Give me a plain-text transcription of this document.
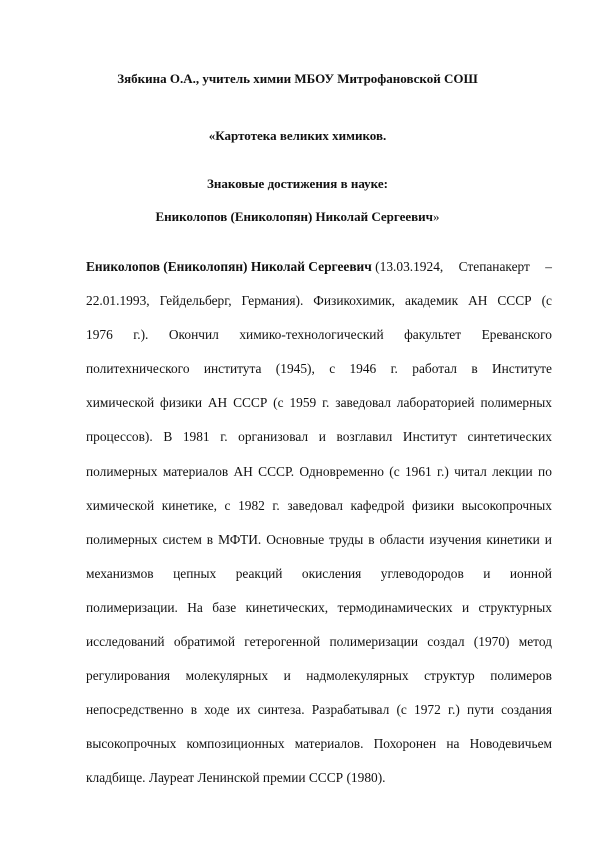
Зябкина О.А., учитель химии МБОУ Митрофановской СОШ
«Картотека великих химиков.
Знаковые достижения в науке:
Ениколопов (Ениколопян) Николай Сергеевич»
Ениколопов (Ениколопян) Николай Сергеевич (13.03.1924, Степанакерт –
22.01.1993, Гейдельберг, Германия). Физикохимик, академик АН СССР (с
1976 г.). Окончил химико-технологический факультет Ереванского
политехнического института (1945), с 1946 г. работал в Институте
химической физики АН СССР (с 1959 г. заведовал лабораторией полимерных
процессов). В 1981 г. организовал и возглавил Институт синтетических
полимерных материалов АН СССР. Одновременно (с 1961 г.) читал лекции по
химической кинетике, с 1982 г. заведовал кафедрой физики высокопрочных
полимерных систем в МФТИ. Основные труды в области изучения кинетики и
механизмов цепных реакций окисления углеводородов и ионной
полимеризации. На базе кинетических, термодинамических и структурных
исследований обратимой гетерогенной полимеризации создал (1970) метод
регулирования молекулярных и надмолекулярных структур полимеров
непосредственно в ходе их синтеза. Разрабатывал (с 1972 г.) пути создания
высокопрочных композиционных материалов. Похоронен на Новодевичьем
кладбище. Лауреат Ленинской премии СССР (1980).
